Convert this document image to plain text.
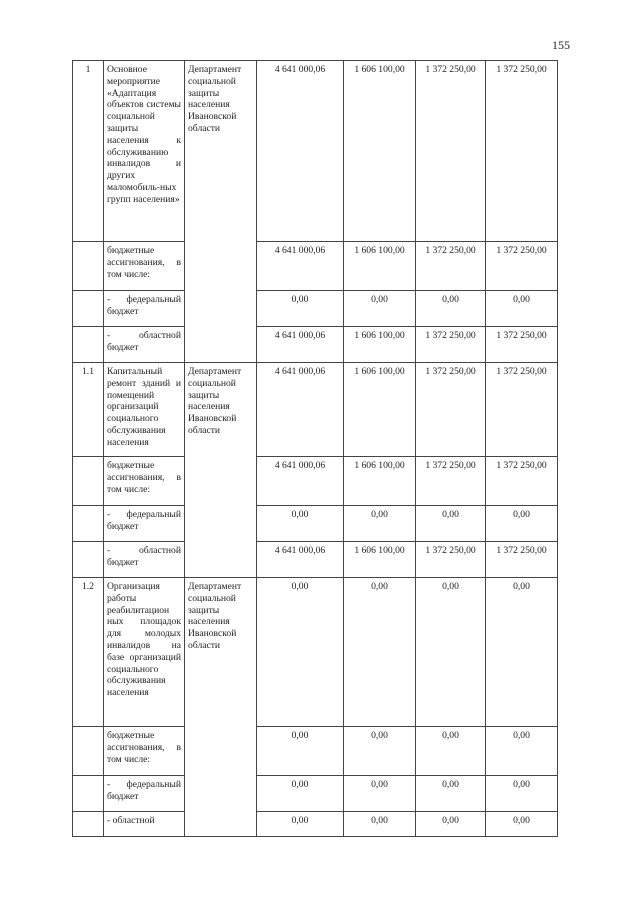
155
1	Основное мероприятие «Адаптация объектов системы социальной защиты населения к обслуживанию инвалидов и других маломобиль-ных групп населения»	Департамент социальной защиты населения Ивановской области	4 641 000,06	1 606 100,00	1 372 250,00	1 372 250,00
	бюджетные ассигнования, в том числе:		4 641 000,06	1 606 100,00	1 372 250,00	1 372 250,00
	- федеральный бюджет		0,00	0,00	0,00	0,00
	- областной бюджет		4 641 000,06	1 606 100,00	1 372 250,00	1 372 250,00
1.1	Капитальный ремонт зданий и помещений организаций социального обслуживания населения	Департамент социальной защиты населения Ивановской области	4 641 000,06	1 606 100,00	1 372 250,00	1 372 250,00
	бюджетные ассигнования, в том числе:		4 641 000,06	1 606 100,00	1 372 250,00	1 372 250,00
	- федеральный бюджет		0,00	0,00	0,00	0,00
	- областной бюджет		4 641 000,06	1 606 100,00	1 372 250,00	1 372 250,00
1.2	Организация работы реабилитацион ных площадок для молодых инвалидов на базе организаций социального обслуживания населения	Департамент социальной защиты населения Ивановской области	0,00	0,00	0,00	0,00
	бюджетные ассигнования, в том числе:		0,00	0,00	0,00	0,00
	- федеральный бюджет		0,00	0,00	0,00	0,00
	- областной		0,00	0,00	0,00	0,00
